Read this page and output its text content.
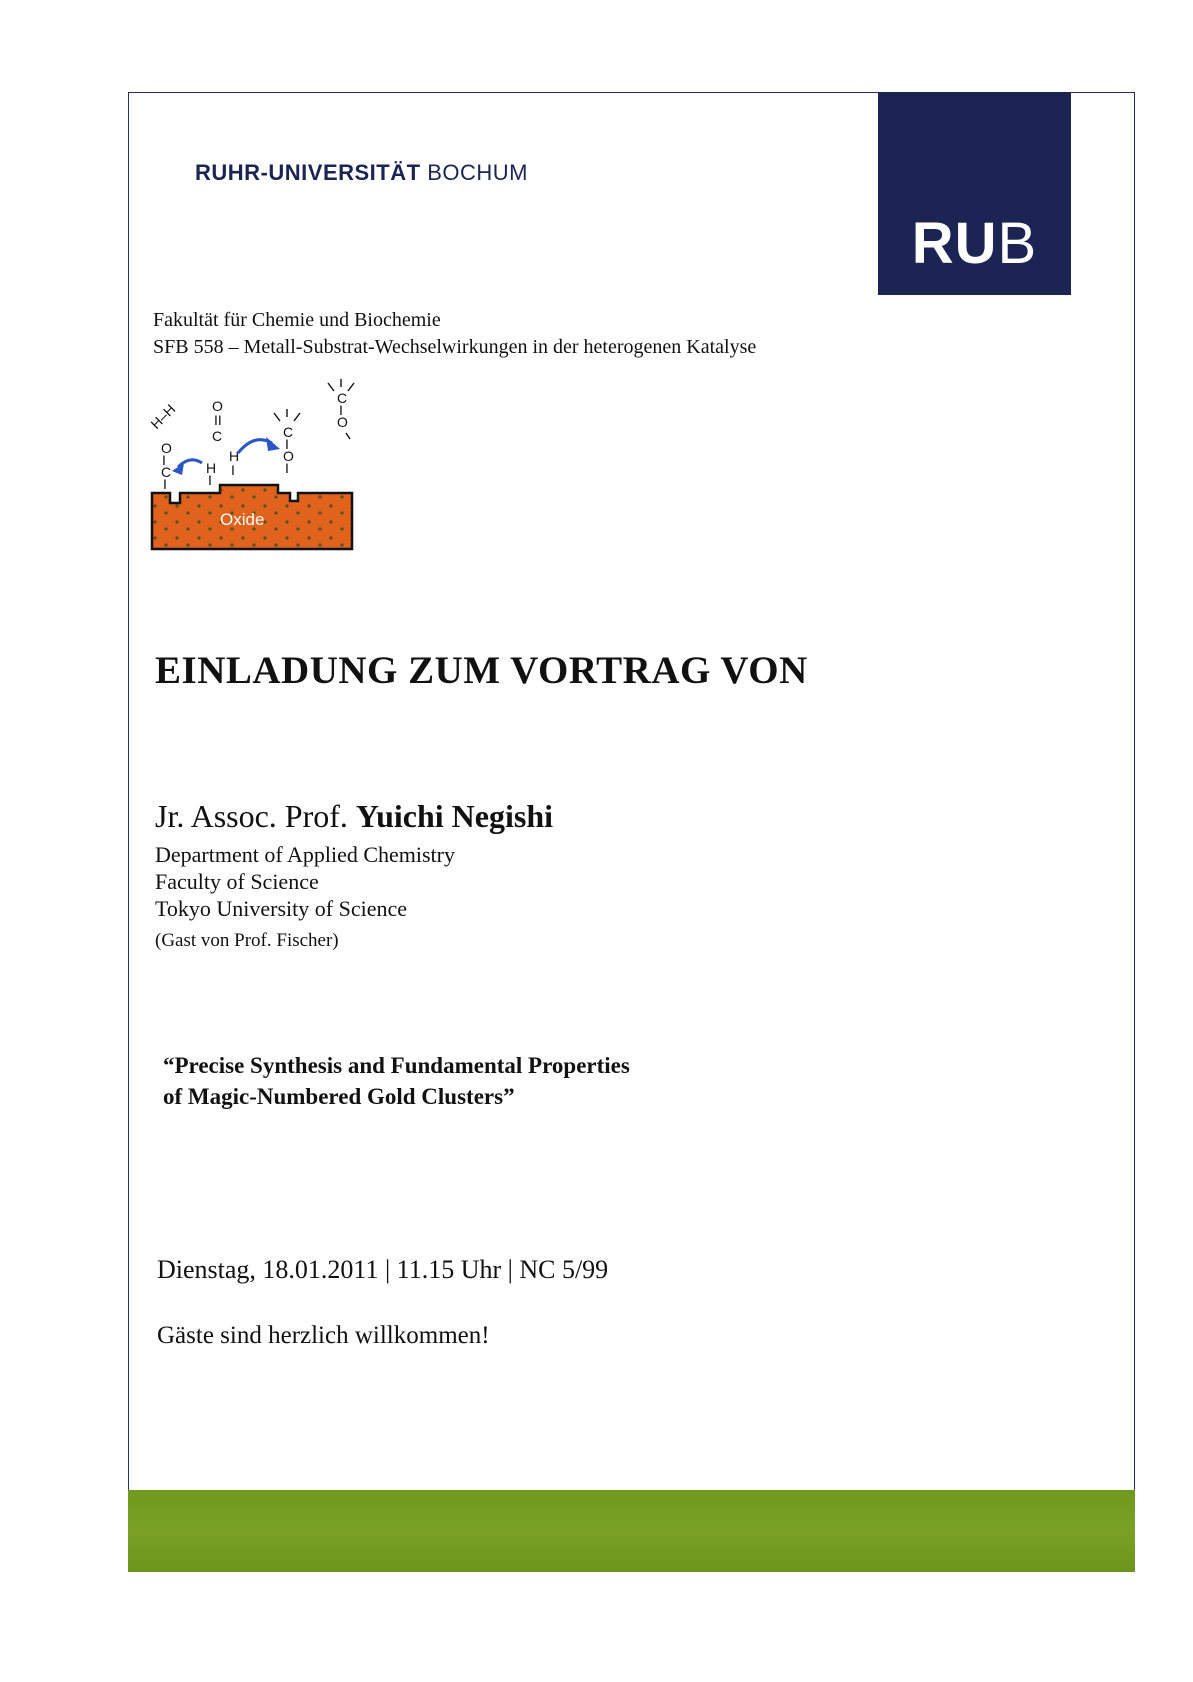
RUB
RUHR-UNIVERSITÄT BOCHUM
Fakultät für Chemie und Biochemie
SFB 558 – Metall-Substrat-Wechselwirkungen in der heterogenen Katalyse
Oxide
H–H O
II
C
O
I
C
I
H
I
H
I
C
I
O
I
C
I
O
EINLADUNG ZUM VORTRAG VON
Jr. Assoc. Prof. Yuichi Negishi
Department of Applied Chemistry
Faculty of Science
Tokyo University of Science
(Gast von Prof. Fischer)
“Precise Synthesis and Fundamental Properties
of Magic-Numbered Gold Clusters”
Dienstag, 18.01.2011 | 11.15 Uhr | NC 5/99
Gäste sind herzlich willkommen!
